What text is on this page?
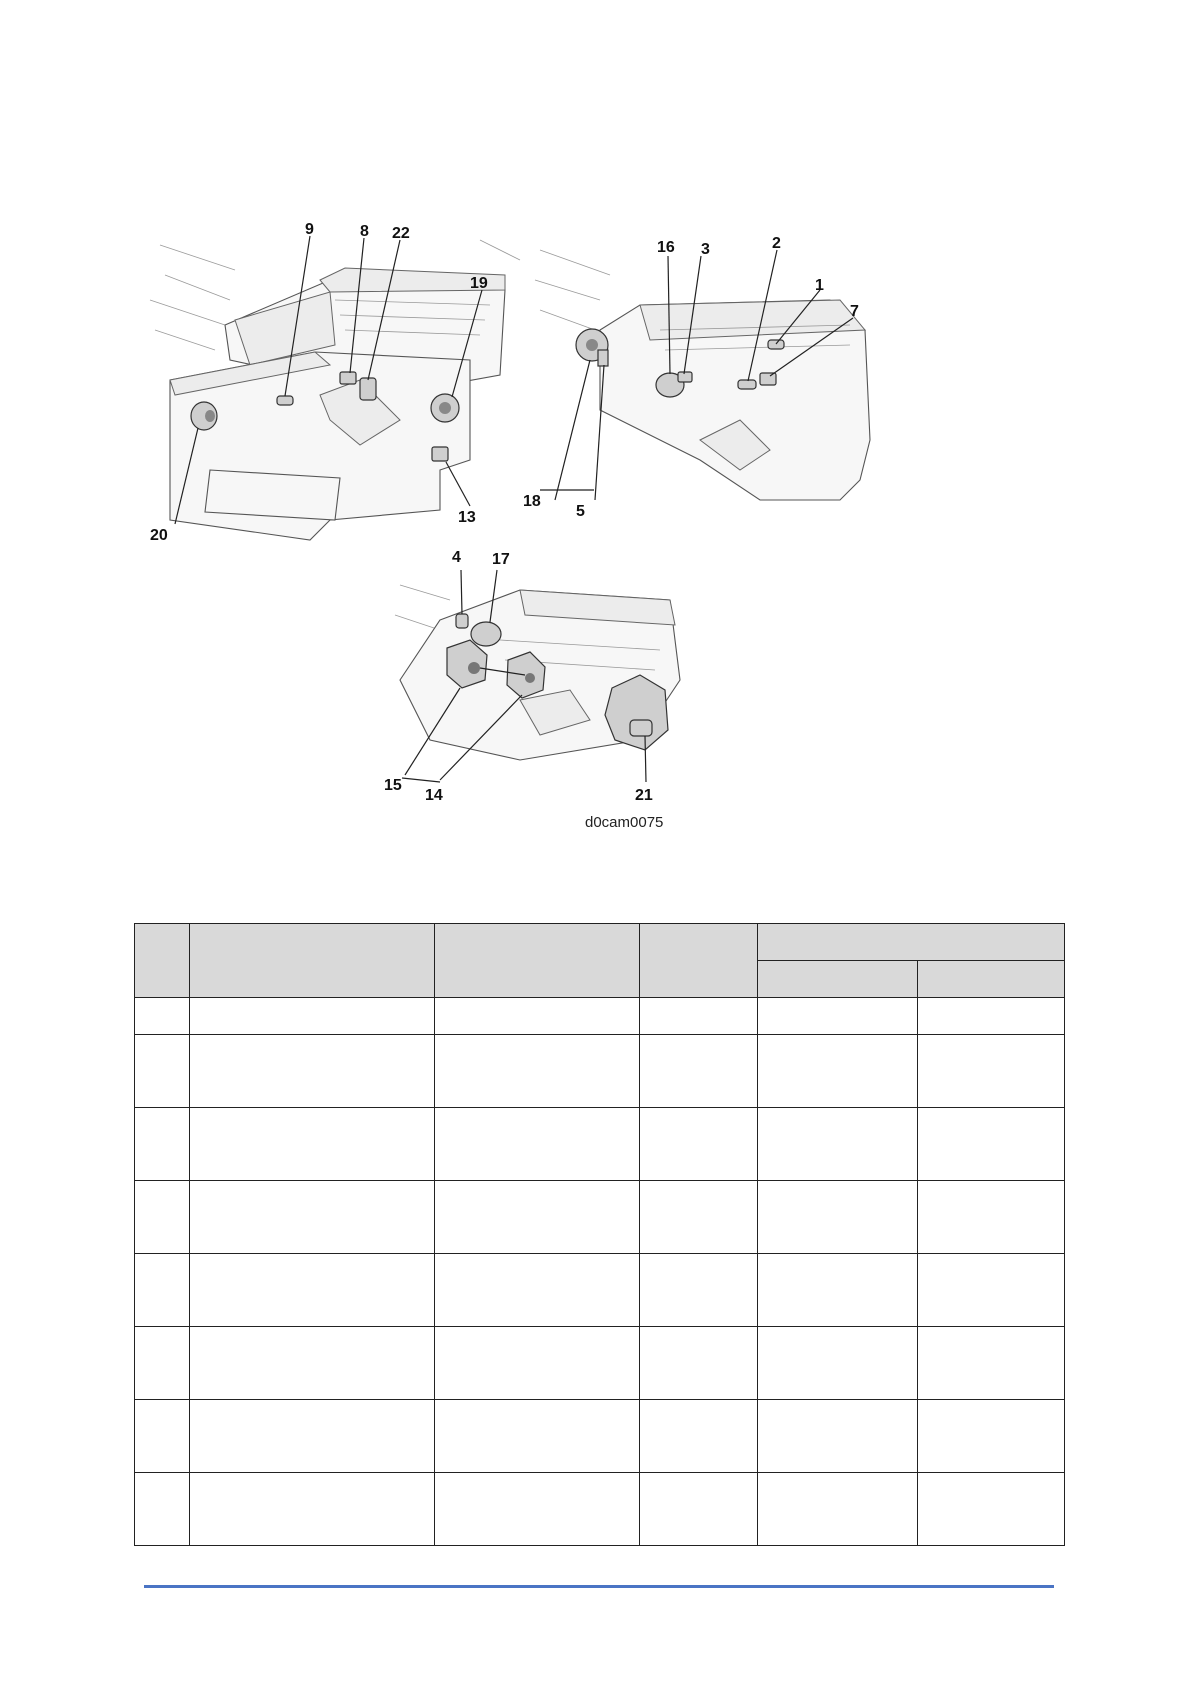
9	8 22
19
13
20
16 3	2
1
7
18
5
4 17
15
14	21
d0cam0075
